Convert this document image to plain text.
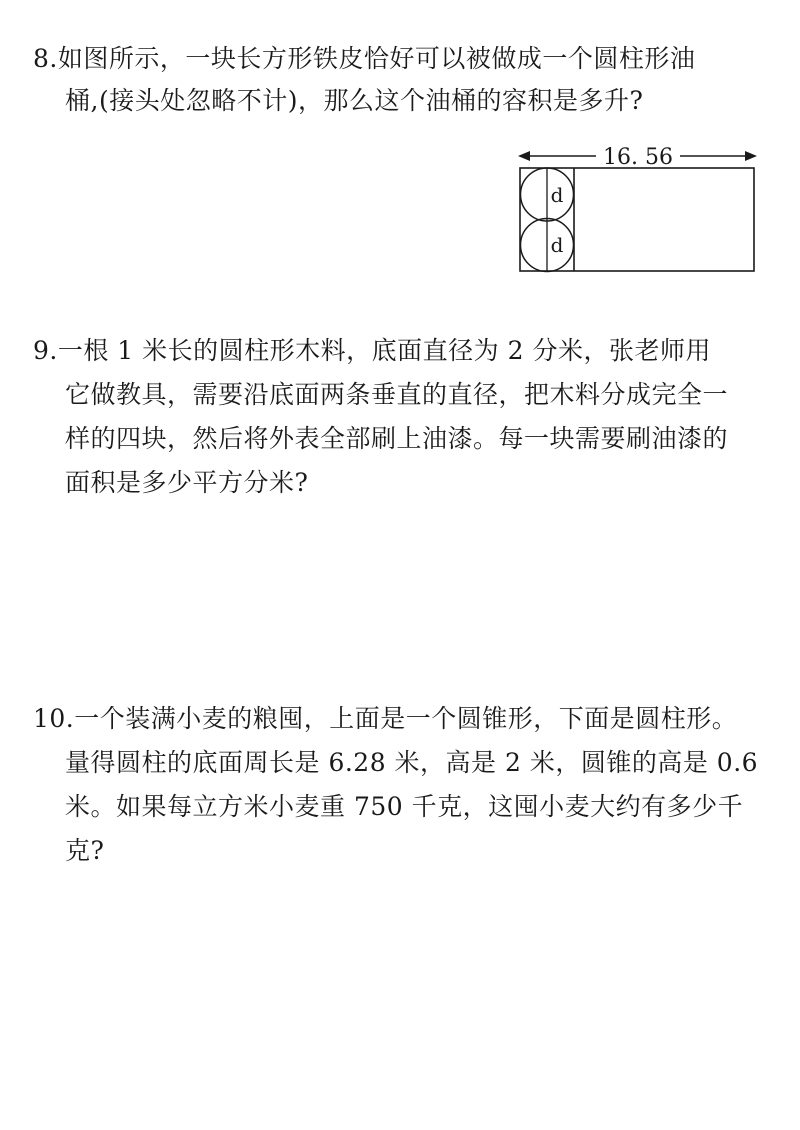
8.如图所示，一块长方形铁皮恰好可以被做成一个圆柱形油
桶,(接头处忽略不计)，那么这个油桶的容积是多升?
16. 56
d
d
9.一根 1 米长的圆柱形木料，底面直径为 2 分米，张老师用
它做教具，需要沿底面两条垂直的直径，把木料分成完全一
样的四块，然后将外表全部刷上油漆。每一块需要刷油漆的
面积是多少平方分米?
10.一个装满小麦的粮囤，上面是一个圆锥形，下面是圆柱形。
量得圆柱的底面周长是 6.28 米，高是 2 米，圆锥的高是 0.6
米。如果每立方米小麦重 750 千克，这囤小麦大约有多少千
克?
